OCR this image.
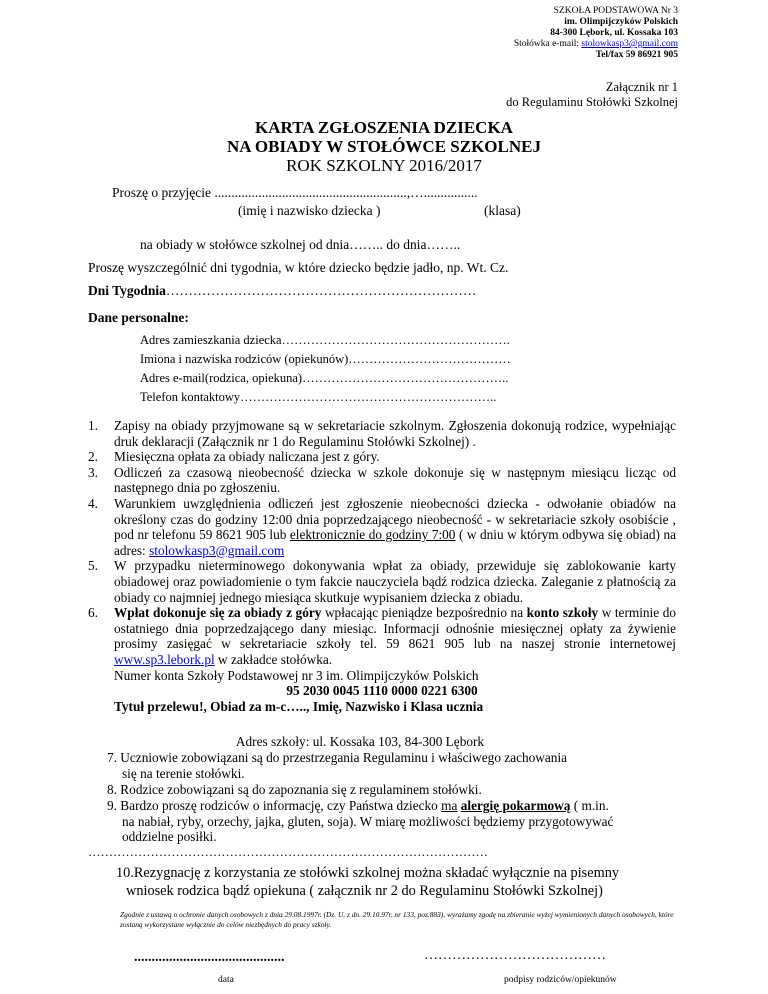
SZKOŁA PODSTAWOWA Nr 3
im. Olimpijczyków Polskich
84-300 Lębork, ul. Kossaka 103
Stołówka e-mail: stolowkasp3@gmail.com
Tel/fax 59 86921 905
Załącznik nr 1
do Regulaminu Stołówki Szkolnej
KARTA ZGŁOSZENIA DZIECKA
NA OBIADY W STOŁÓWCE SZKOLNEJ
ROK SZKOLNY 2016/2017
Proszę o przyjęcie .........................................................,…................
(imię i nazwisko dziecka )	(klasa)
na obiady w stołówce szkolnej od dnia…….. do dnia……..
Proszę wyszczególnić dni tygodnia, w które dziecko będzie jadło, np. Wt. Cz.
Dni Tygodnia……………………………………………………………
Dane personalne:
Adres zamieszkania dziecka……………………………………………….
Imiona i nazwiska rodziców (opiekunów)…………………………………
Adres e-mail(rodzica, opiekuna)…………………………………………..
Telefon kontaktowy……………………………………………………..
1.	Zapisy na obiady przyjmowane są w sekretariacie szkolnym. Zgłoszenia dokonują rodzice, wypełniając druk deklaracji (Załącznik nr 1 do Regulaminu Stołówki Szkolnej) .
2.	Miesięczna opłata za obiady naliczana jest z góry.
3.	Odliczeń za czasową nieobecność dziecka w szkole dokonuje się w następnym miesiącu licząc od następnego dnia po zgłoszeniu.
4.	Warunkiem uwzględnienia odliczeń jest zgłoszenie nieobecności dziecka - odwołanie obiadów na określony czas do godziny 12:00 dnia poprzedzającego nieobecność - w sekretariacie szkoły osobiście , pod nr telefonu 59 8621 905 lub elektronicznie do godziny 7:00 ( w dniu w którym odbywa się obiad) na adres: stolowkasp3@gmail.com
5.	W przypadku nieterminowego dokonywania wpłat za obiady, przewiduje się zablokowanie karty obiadowej oraz powiadomienie o tym fakcie nauczyciela bądź rodzica dziecka. Zaleganie z płatnością za obiady co najmniej jednego miesiąca skutkuje wypisaniem dziecka z obiadu.
6.	Wpłat dokonuje się za obiady z góry wpłacając pieniądze bezpośrednio na konto szkoły w terminie do ostatniego dnia poprzedzającego dany miesiąc. Informacji odnośnie miesięcznej opłaty za żywienie prosimy zasięgać w sekretariacie szkoły tel. 59 8621 905 lub na naszej stronie internetowej www.sp3.lebork.pl w zakładce stołówka.
Numer konta Szkoły Podstawowej nr 3 im. Olimpijczyków Polskich
95 2030 0045 1110 0000 0221 6300
Tytuł przelewu!, Obiad za m-c….., Imię, Nazwisko i Klasa ucznia
Adres szkoły: ul. Kossaka 103, 84-300 Lębork
7. Uczniowie zobowiązani są do przestrzegania Regulaminu i właściwego zachowania
się na terenie stołówki.
8. Rodzice zobowiązani są do zapoznania się z regulaminem stołówki.
9. Bardzo proszę rodziców o informację, czy Państwa dziecko ma alergię pokarmową ( m.in.
na nabiał, ryby, orzechy, jajka, gluten, soja). W miarę możliwości będziemy przygotowywać
oddzielne posiłki.
……………………………………………………………………………………
10.Rezygnację z korzystania ze stołówki szkolnej można składać wyłącznie na pisemny
wniosek rodzica bądź opiekuna ( załącznik nr 2 do Regulaminu Stołówki Szkolnej)
Zgodnie z ustawą o ochronie danych osobowych z dnia 29.08.1997r. (Dz. U. z dn. 29.10.97r. nr 133, poz.883), wyrażamy zgodę na zbieranie wyżej wymienionych danych osobowych, które zostaną wykorzystane wyłącznie do celów niezbędnych do pracy szkoły.
...........................................
data
…………………………………
podpisy rodziców/opiekunów
